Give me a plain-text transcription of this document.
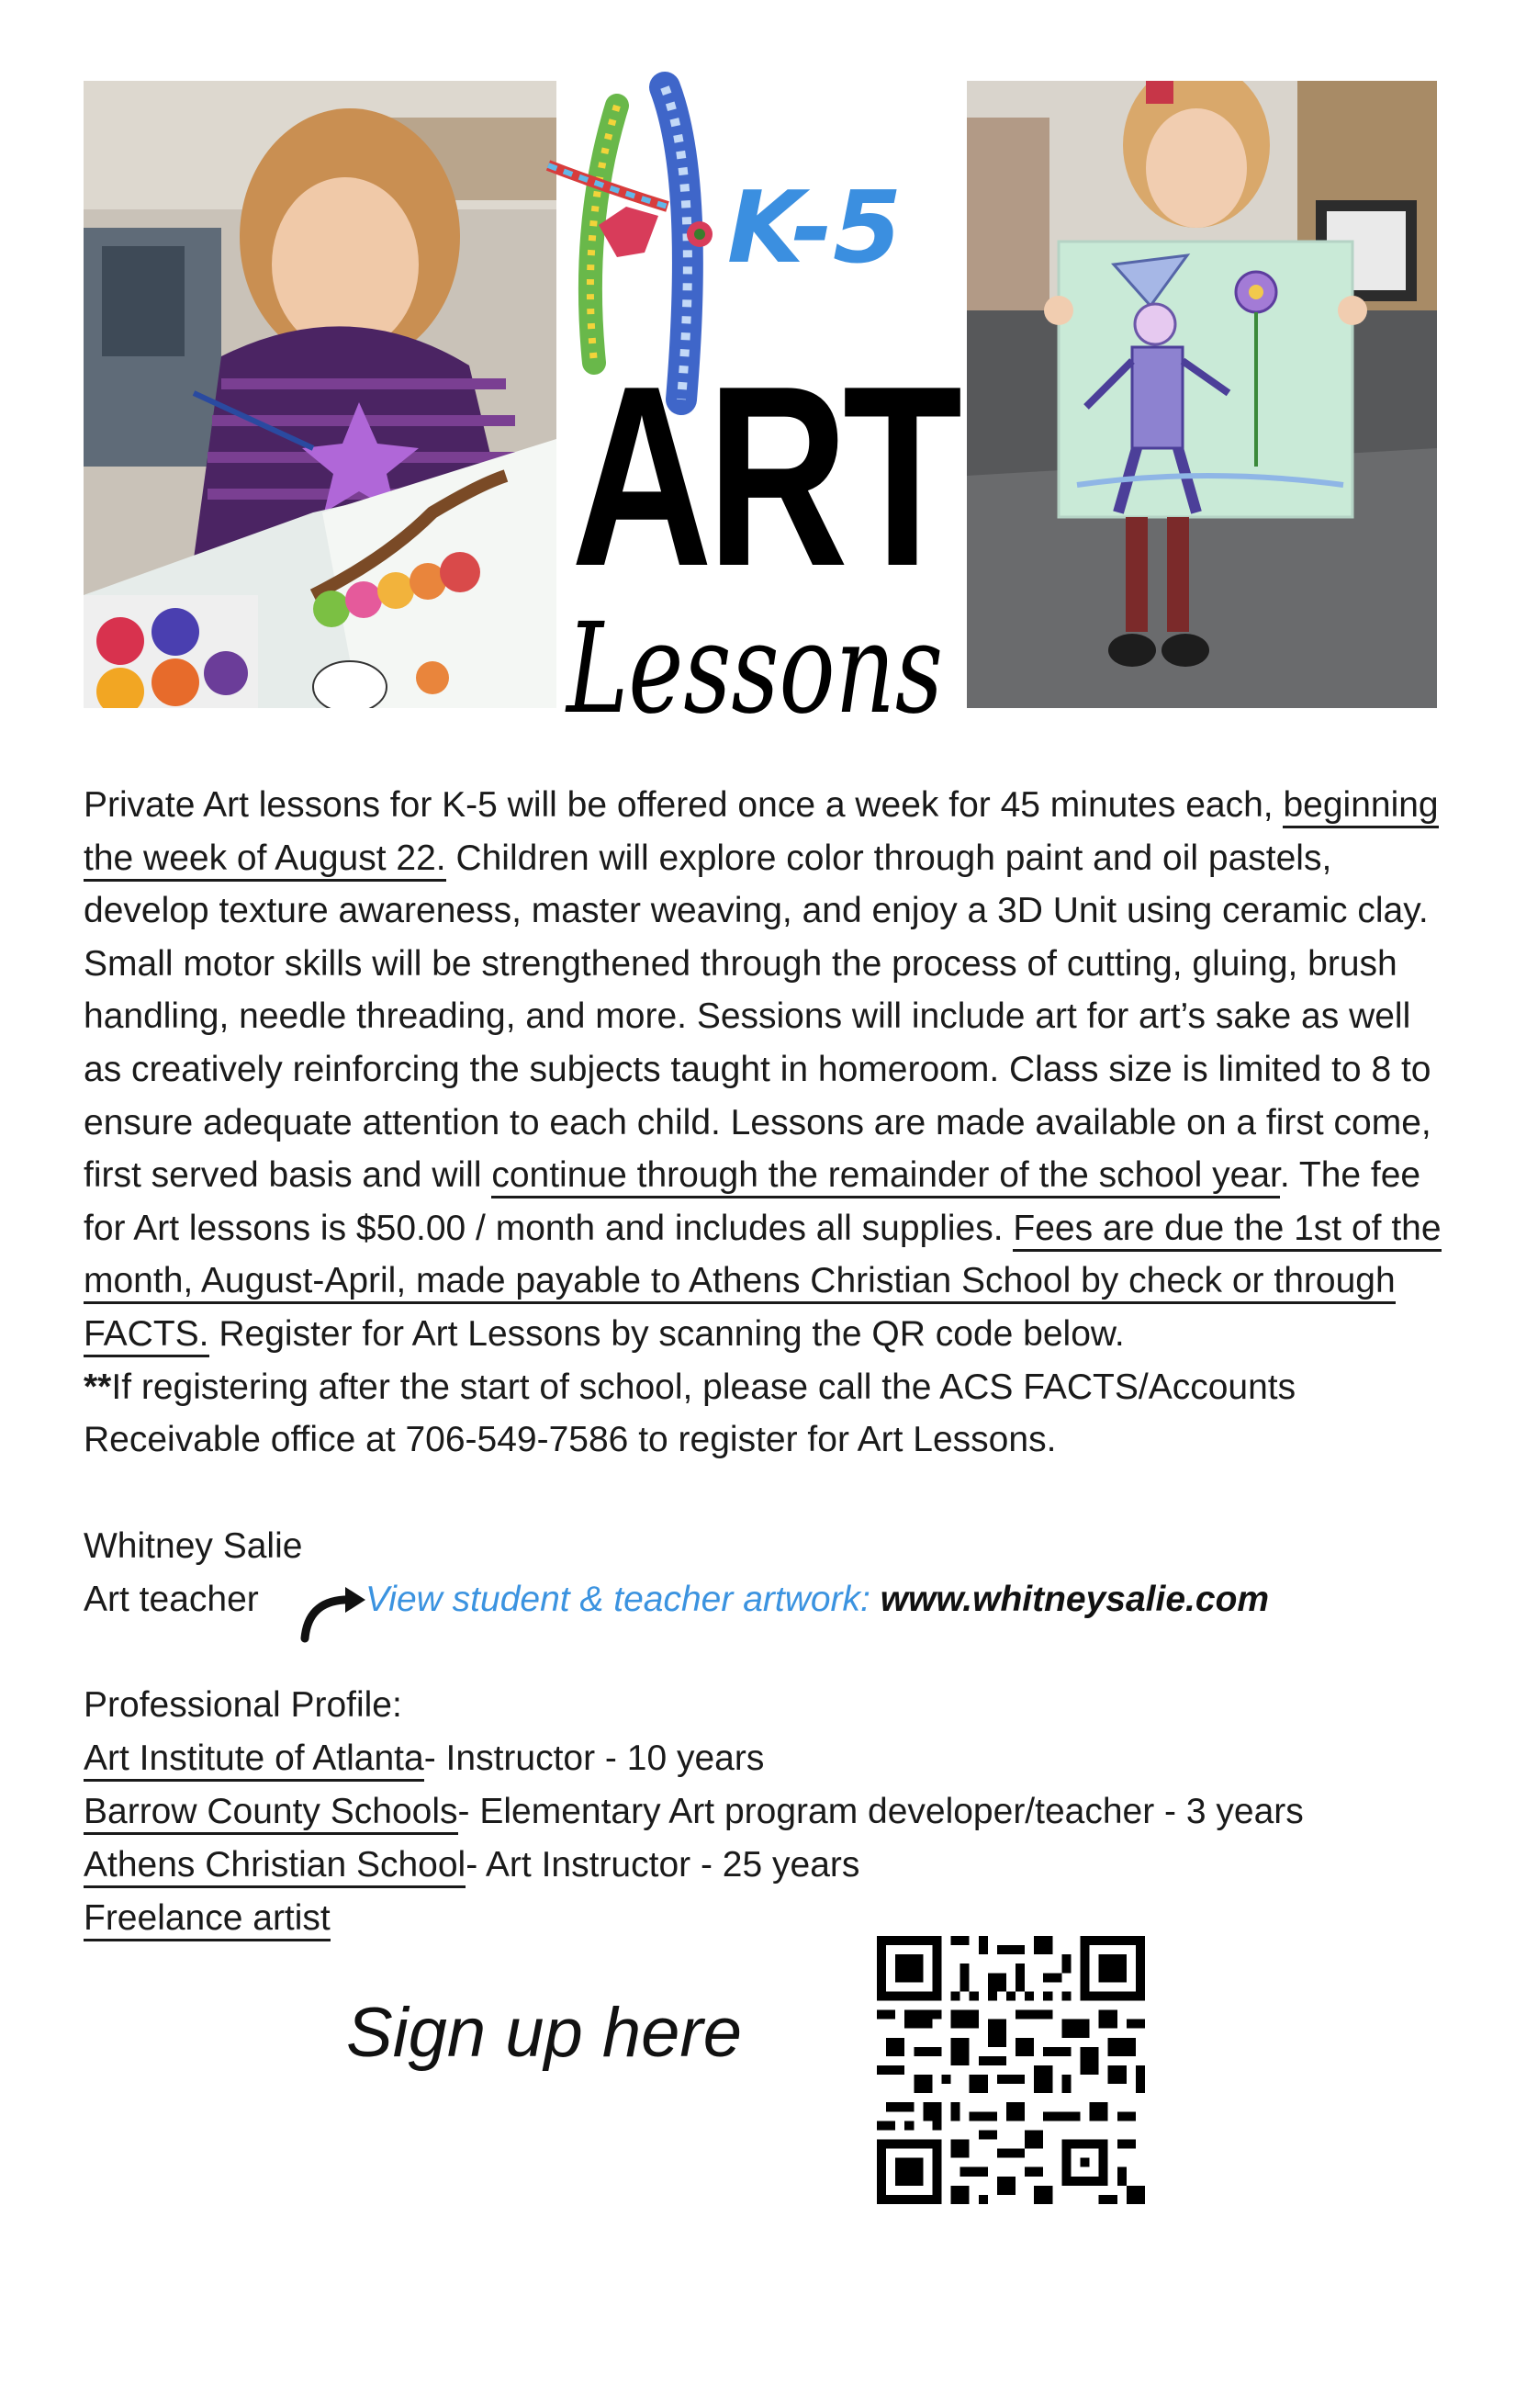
K-5
ART
Lessons
Private Art lessons for K-5 will be offered once a week for 45 minutes each, beginning the week of August 22. Children will explore color through paint and oil pastels, develop texture awareness, master weaving, and enjoy a 3D Unit using ceramic clay. Small motor skills will be strengthened through the process of cutting, gluing, brush handling, needle threading, and more. Sessions will include art for art’s sake as well as creatively reinforcing the subjects taught in homeroom. Class size is limited to 8 to ensure adequate attention to each child. Lessons are made available on a first come, first served basis and will continue through the remainder of the school year. The fee for Art lessons is $50.00 / month and includes all supplies. Fees are due the 1st of the month, August-April, made payable to Athens Christian School by check or through FACTS. Register for Art Lessons by scanning the QR code below.
**If registering after the start of school, please call the ACS FACTS/Accounts Receivable office at 706-549-7586 to register for Art Lessons.
Whitney Salie
Art teacher	View student & teacher artwork: www.whitneysalie.com
Professional Profile:
Art Institute of Atlanta- Instructor - 10 years
Barrow County Schools- Elementary Art program developer/teacher - 3 years
Athens Christian School- Art Instructor - 25 years
Freelance artist
Sign up here
